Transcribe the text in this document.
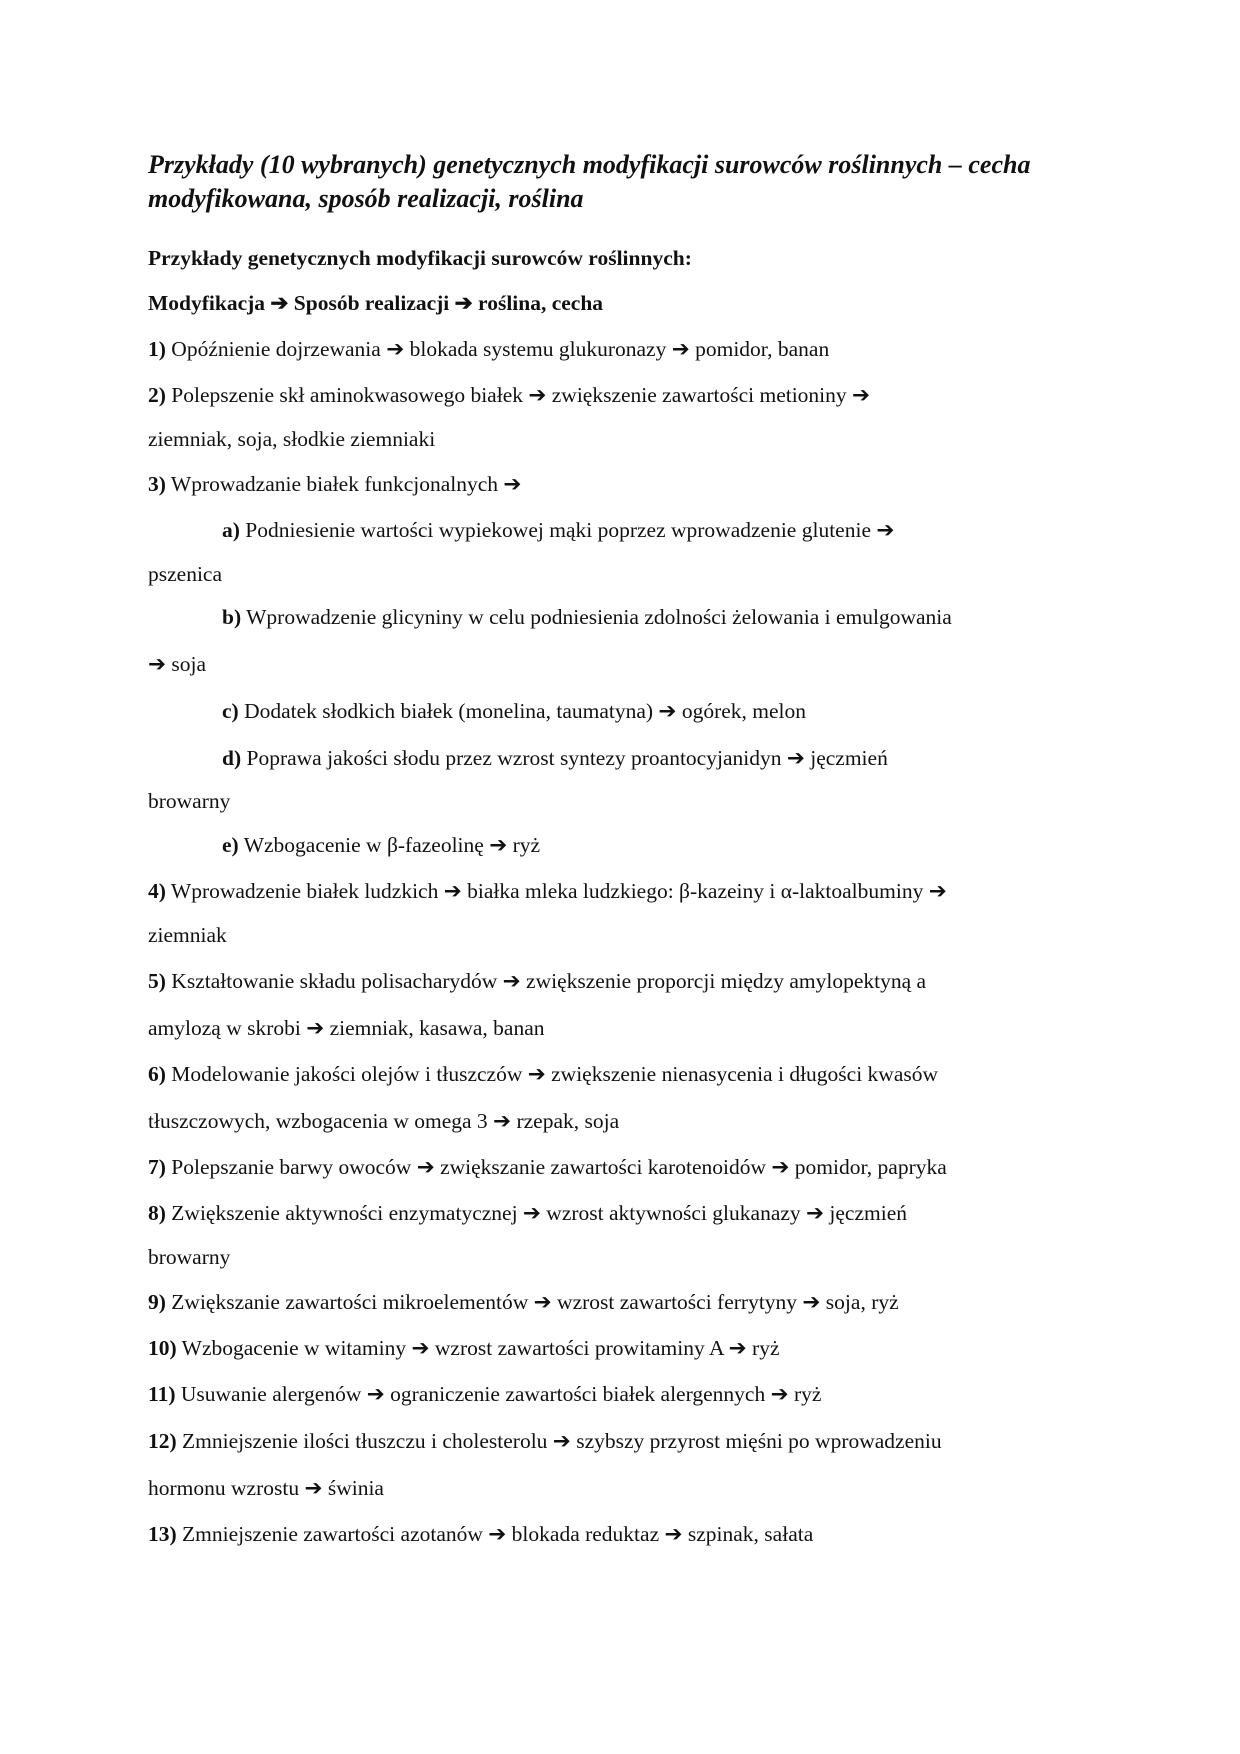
Przykłady (10 wybranych) genetycznych modyfikacji surowców roślinnych – cecha modyfikowana, sposób realizacji, roślina

Przykłady genetycznych modyfikacji surowców roślinnych:

Modyfikacja ➔ Sposób realizacji ➔ roślina, cecha

1) Opóźnienie dojrzewania ➔ blokada systemu glukuronazy ➔ pomidor, banan

2) Polepszenie skł aminokwasowego białek ➔ zwiększenie zawartości metioniny ➔

ziemniak, soja, słodkie ziemniaki

3) Wprowadzanie białek funkcjonalnych ➔

a) Podniesienie wartości wypiekowej mąki poprzez wprowadzenie glutenie ➔

pszenica

b) Wprowadzenie glicyniny w celu podniesienia zdolności żelowania i emulgowania

➔ soja

c) Dodatek słodkich białek (monelina, taumatyna) ➔ ogórek, melon

d) Poprawa jakości słodu przez wzrost syntezy proantocyjanidyn ➔ jęczmień

browarny

e) Wzbogacenie w β-fazeolinę ➔ ryż

4) Wprowadzenie białek ludzkich ➔ białka mleka ludzkiego: β-kazeiny i α-laktoalbuminy ➔

ziemniak

5) Kształtowanie składu polisacharydów ➔ zwiększenie proporcji między amylopektyną a

amylozą w skrobi ➔ ziemniak, kasawa, banan

6) Modelowanie jakości olejów i tłuszczów ➔ zwiększenie nienasycenia i długości kwasów

tłuszczowych, wzbogacenia w omega 3 ➔ rzepak, soja

7) Polepszanie barwy owoców ➔ zwiększanie zawartości karotenoidów ➔ pomidor, papryka

8) Zwiększenie aktywności enzymatycznej ➔ wzrost aktywności glukanazy ➔ jęczmień

browarny

9) Zwiększanie zawartości mikroelementów ➔ wzrost zawartości ferrytyny ➔ soja, ryż

10) Wzbogacenie w witaminy ➔ wzrost zawartości prowitaminy A ➔ ryż

11) Usuwanie alergenów ➔ ograniczenie zawartości białek alergennych ➔ ryż

12) Zmniejszenie ilości tłuszczu i cholesterolu ➔ szybszy przyrost mięśni po wprowadzeniu

hormonu wzrostu ➔ świnia

13) Zmniejszenie zawartości azotanów ➔ blokada reduktaz ➔ szpinak, sałata
